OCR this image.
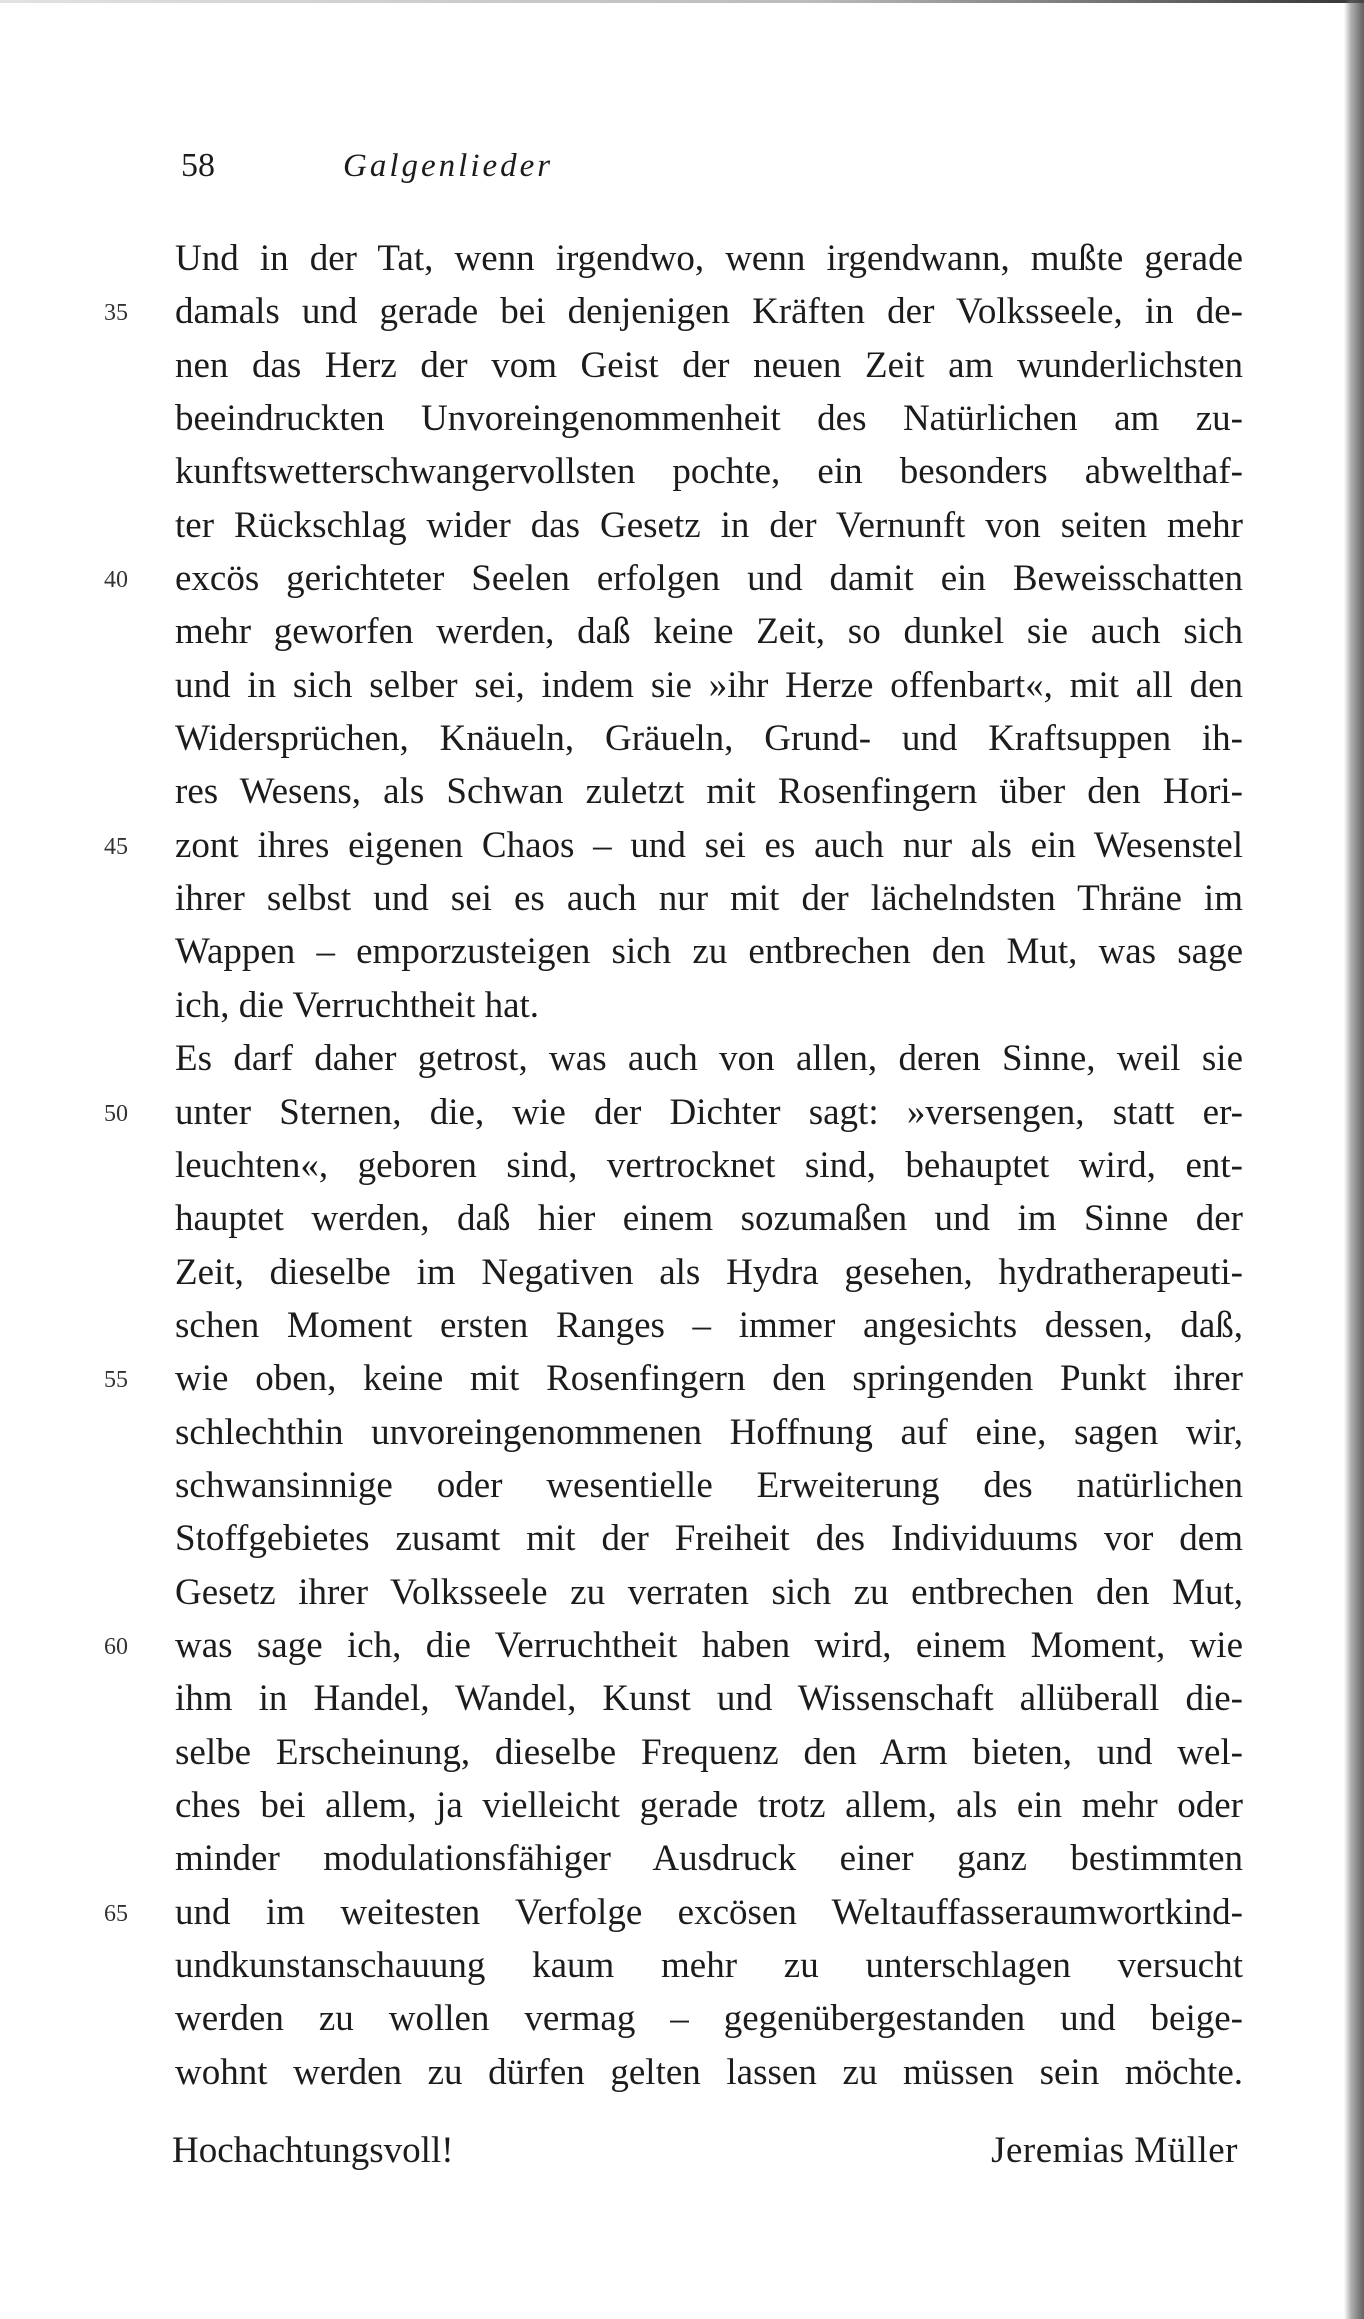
58	Galgenlieder
Und in der Tat, wenn irgendwo, wenn irgendwann, mußte gerade
damals und gerade bei denjenigen Kräften der Volksseele, in de-
35
nen das Herz der vom Geist der neuen Zeit am wunderlichsten
beeindruckten Unvoreingenommenheit des Natürlichen am zu-
kunftswetterschwangervollsten pochte, ein besonders abwelthaf-
ter Rückschlag wider das Gesetz in der Vernunft von seiten mehr
excös gerichteter Seelen erfolgen und damit ein Beweisschatten
40
mehr geworfen werden, daß keine Zeit, so dunkel sie auch sich
und in sich selber sei, indem sie »ihr Herze offenbart«, mit all den
Widersprüchen, Knäueln, Gräueln, Grund- und Kraftsuppen ih-
res Wesens, als Schwan zuletzt mit Rosenfingern über den Hori-
zont ihres eigenen Chaos – und sei es auch nur als ein Wesenstel
45
ihrer selbst und sei es auch nur mit der lächelndsten Thräne im
Wappen – emporzusteigen sich zu entbrechen den Mut, was sage
ich, die Verruchtheit hat.
Es darf daher getrost, was auch von allen, deren Sinne, weil sie
unter Sternen, die, wie der Dichter sagt: »versengen, statt er-
50
leuchten«, geboren sind, vertrocknet sind, behauptet wird, ent-
hauptet werden, daß hier einem sozumaßen und im Sinne der
Zeit, dieselbe im Negativen als Hydra gesehen, hydratherapeuti-
schen Moment ersten Ranges – immer angesichts dessen, daß,
wie oben, keine mit Rosenfingern den springenden Punkt ihrer
55
schlechthin unvoreingenommenen Hoffnung auf eine, sagen wir,
schwansinnige oder wesentielle Erweiterung des natürlichen
Stoffgebietes zusamt mit der Freiheit des Individuums vor dem
Gesetz ihrer Volksseele zu verraten sich zu entbrechen den Mut,
was sage ich, die Verruchtheit haben wird, einem Moment, wie
60
ihm in Handel, Wandel, Kunst und Wissenschaft allüberall die-
selbe Erscheinung, dieselbe Frequenz den Arm bieten, und wel-
ches bei allem, ja vielleicht gerade trotz allem, als ein mehr oder
minder modulationsfähiger Ausdruck einer ganz bestimmten
und im weitesten Verfolge excösen Weltauffasseraumwortkind-
65
undkunstanschauung kaum mehr zu unterschlagen versucht
werden zu wollen vermag – gegenübergestanden und beige-
wohnt werden zu dürfen gelten lassen zu müssen sein möchte.
Hochachtungsvoll!	Jeremias Müller
